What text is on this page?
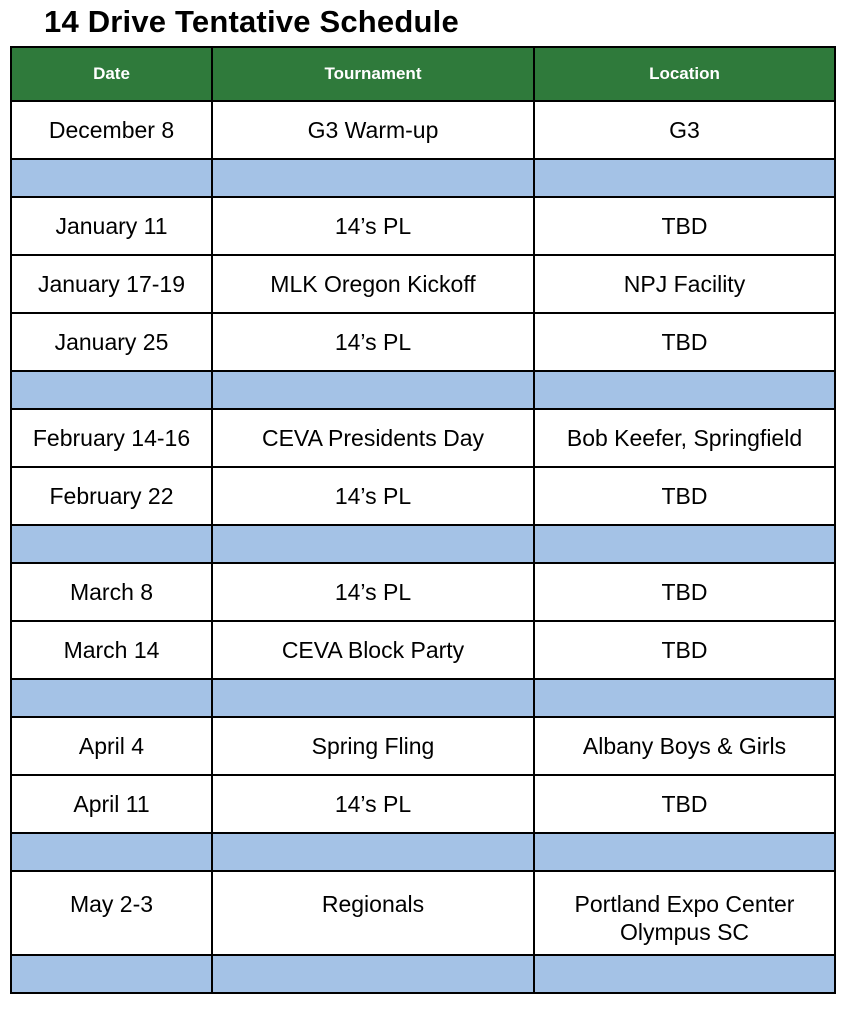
14 Drive Tentative Schedule
Date	Tournament	Location
December 8	G3 Warm-up	G3

January 11	14’s PL	TBD

January 17-19	MLK Oregon Kickoff	NPJ Facility

January 25	14’s PL	TBD

February 14-16	CEVA Presidents Day	Bob Keefer, Springfield

February 22	14’s PL	TBD

March 8	14’s PL	TBD

March 14	CEVA Block Party	TBD

April 4	Spring Fling	Albany Boys & Girls

April 11	14’s PL	TBD

May 2-3	Regionals	Portland Expo Center
Olympus SC
